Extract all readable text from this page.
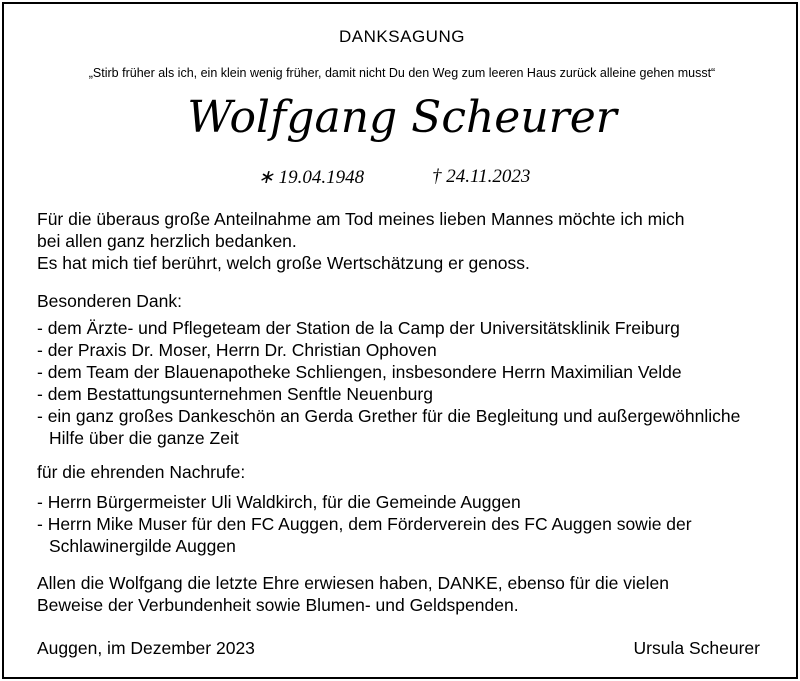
DANKSAGUNG
„Stirb früher als ich, ein klein wenig früher, damit nicht Du den Weg zum leeren Haus zurück alleine gehen musst“
Wolfgang Scheurer
∗ 19.04.1948	† 24.11.2023
Für die überaus große Anteilnahme am Tod meines lieben Mannes möchte ich mich
bei allen ganz herzlich bedanken.
Es hat mich tief berührt, welch große Wertschätzung er genoss.
Besonderen Dank:
- dem Ärzte- und Pflegeteam der Station de la Camp der Universitätsklinik Freiburg
- der Praxis Dr. Moser, Herrn Dr. Christian Ophoven
- dem Team der Blauenapotheke Schliengen, insbesondere Herrn Maximilian Velde
- dem Bestattungsunternehmen Senftle Neuenburg
- ein ganz großes Dankeschön an Gerda Grether für die Begleitung und außergewöhnliche
Hilfe über die ganze Zeit
für die ehrenden Nachrufe:
- Herrn Bürgermeister Uli Waldkirch, für die Gemeinde Auggen
- Herrn Mike Muser für den FC Auggen, dem Förderverein des FC Auggen sowie der
Schlawinergilde Auggen
Allen die Wolfgang die letzte Ehre erwiesen haben, DANKE, ebenso für die vielen
Beweise der Verbundenheit sowie Blumen- und Geldspenden.
Auggen, im Dezember 2023	Ursula Scheurer
